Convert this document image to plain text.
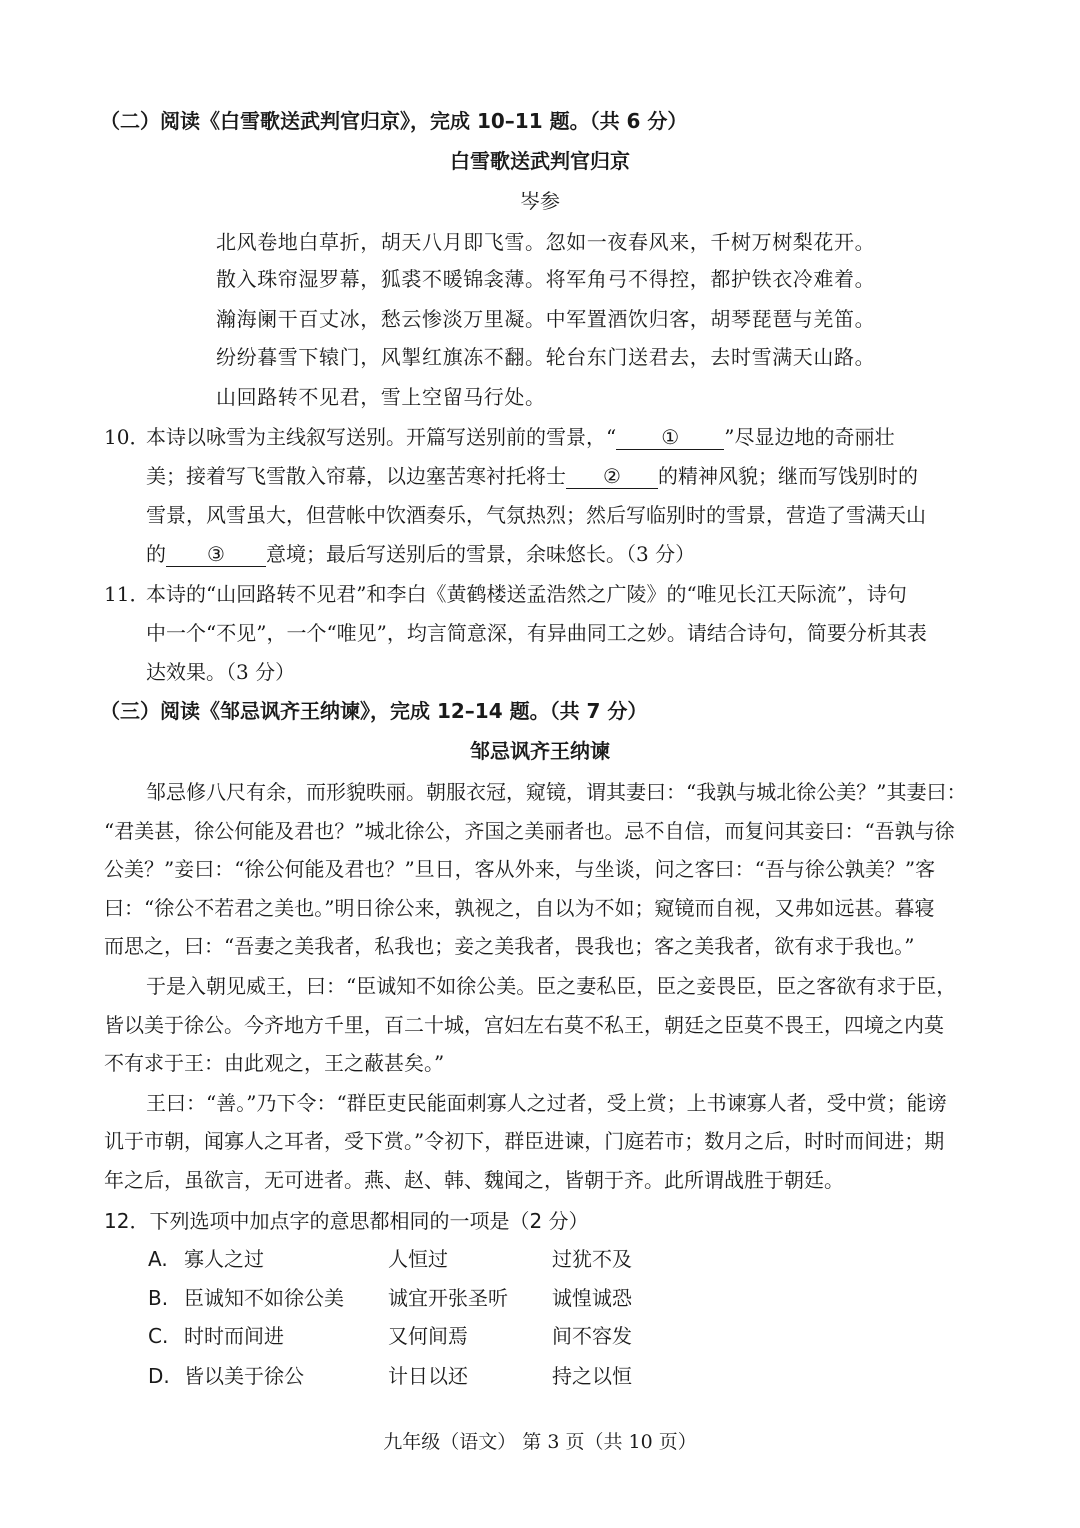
（二）阅读《白雪歌送武判官归京》，完成 10–11 题。（共 6 分）
白雪歌送武判官归京
岑参
北风卷地白草折，胡天八月即飞雪。忽如一夜春风来，千树万树梨花开。
散入珠帘湿罗幕，狐裘不暖锦衾薄。将军角弓不得控，都护铁衣冷难着。
瀚海阑干百丈冰，愁云惨淡万里凝。中军置酒饮归客，胡琴琵琶与羌笛。
纷纷暮雪下辕门，风掣红旗冻不翻。轮台东门送君去，去时雪满天山路。
山回路转不见君，雪上空留马行处。
10．
本诗以咏雪为主线叙写送别。开篇写送别前的雪景，“ ① ”尽显边地的奇丽壮
美；接着写飞雪散入帘幕，以边塞苦寒衬托将士 ② 的精神风貌；继而写饯别时的
雪景，风雪虽大，但营帐中饮酒奏乐，气氛热烈；然后写临别时的雪景，营造了雪满天山
的 ③ 意境；最后写送别后的雪景，余味悠长。（3 分）
11．
本诗的“山回路转不见君”和李白《黄鹤楼送孟浩然之广陵》的“唯见长江天际流”，诗句
中一个“不见”，一个“唯见”，均言简意深，有异曲同工之妙。请结合诗句，简要分析其表
达效果。（3 分）
（三）阅读《邹忌讽齐王纳谏》，完成 12–14 题。（共 7 分）
邹忌讽齐王纳谏
邹忌修八尺有余，而形貌昳丽。朝服衣冠，窥镜，谓其妻曰：“我孰与城北徐公美？”其妻曰：
“君美甚，徐公何能及君也？”城北徐公，齐国之美丽者也。忌不自信，而复问其妾曰：“吾孰与徐
公美？”妾曰：“徐公何能及君也？”旦日，客从外来，与坐谈，问之客曰：“吾与徐公孰美？”客
曰：“徐公不若君之美也。”明日徐公来，孰视之，自以为不如；窥镜而自视，又弗如远甚。暮寝
而思之，曰：“吾妻之美我者，私我也；妾之美我者，畏我也；客之美我者，欲有求于我也。”
于是入朝见威王，曰：“臣诚知不如徐公美。臣之妻私臣，臣之妾畏臣，臣之客欲有求于臣，
皆以美于徐公。今齐地方千里，百二十城，宫妇左右莫不私王，朝廷之臣莫不畏王，四境之内莫
不有求于王：由此观之，王之蔽甚矣。”
王曰：“善。”乃下令：“群臣吏民能面刺寡人之过者，受上赏；上书谏寡人者，受中赏；能谤
讥于市朝，闻寡人之耳者，受下赏。”令初下，群臣进谏，门庭若市；数月之后，时时而间进；期
年之后，虽欲言，无可进者。燕、赵、韩、魏闻之，皆朝于齐。此所谓战胜于朝廷。
12．下列选项中加点字的意思都相同的一项是（2 分）
A. 寡人之过	人恒过	过犹不及
B. 臣诚知不如徐公美 诚宜开张圣听 诚惶诚恐
C. 时时而间进	又何间焉	间不容发
D. 皆以美于徐公	计日以还	持之以恒
九年级（语文） 第 3 页（共 10 页）
